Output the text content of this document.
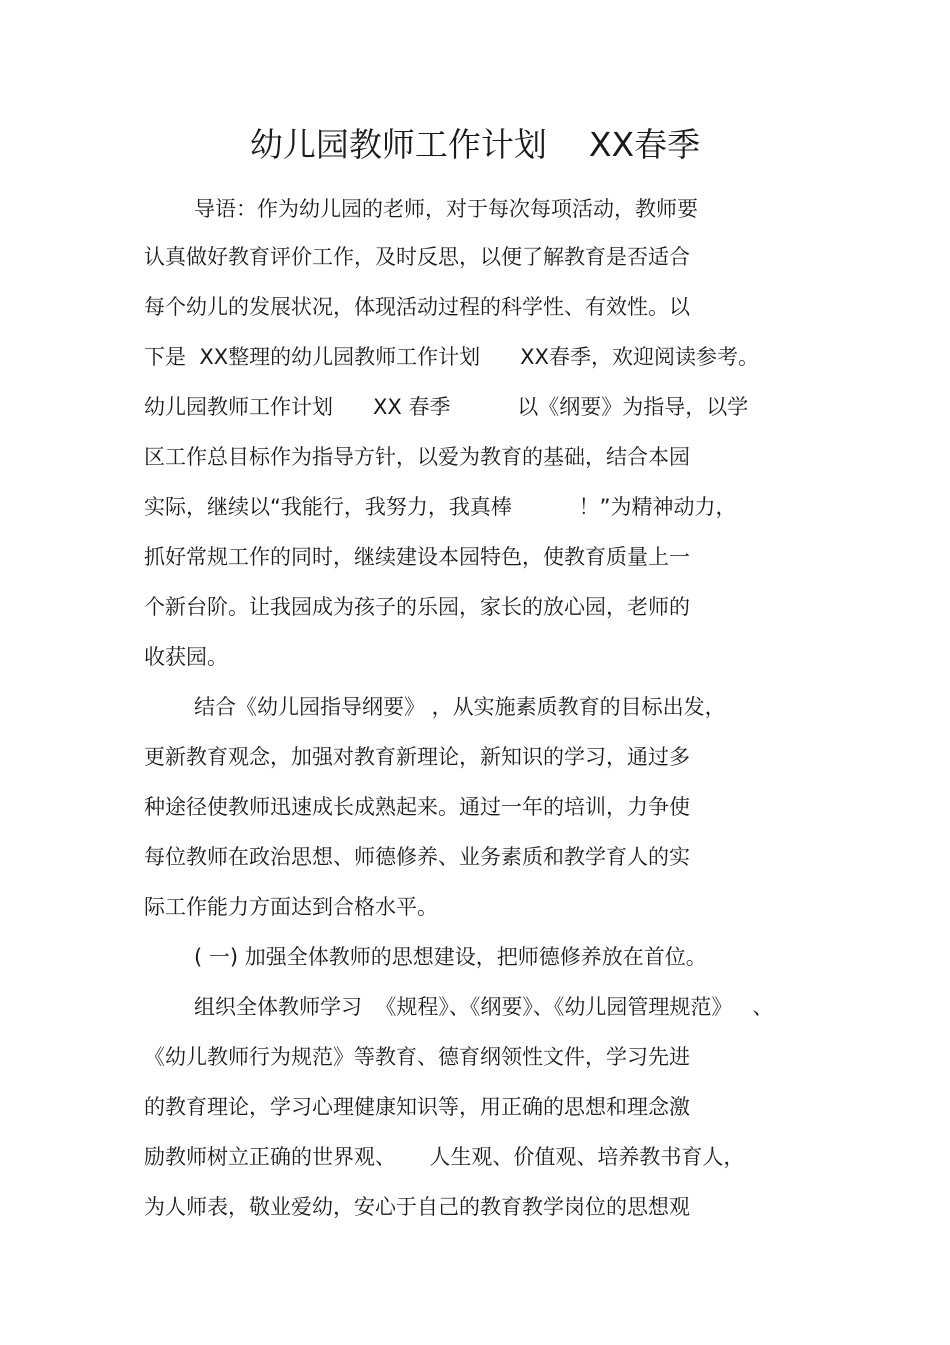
幼儿园教师工作计划    XX春季

导语：作为幼儿园的老师，对于每次每项活动，教师要

认真做好教育评价工作，及时反思，以便了解教育是否适合

每个幼儿的发展状况，体现活动过程的科学性、有效性。以

下是  XX整理的幼儿园教师工作计划      XX春季，欢迎阅读参考。

幼儿园教师工作计划      XX 春季          以《纲要》为指导，以学

区工作总目标作为指导方针，以爱为教育的基础，结合本园

实际，继续以“我能行，我努力，我真棒          ！”为精神动力，

抓好常规工作的同时，继续建设本园特色，使教育质量上一

个新台阶。让我园成为孩子的乐园，家长的放心园，老师的

收获园。

结合《幼儿园指导纲要》 ，从实施素质教育的目标出发，

更新教育观念，加强对教育新理论，新知识的学习，通过多

种途径使教师迅速成长成熟起来。通过一年的培训，力争使

每位教师在政治思想、师德修养、业务素质和教学育人的实

际工作能力方面达到合格水平。

( 一) 加强全体教师的思想建设，把师德修养放在首位。

组织全体教师学习  《规程》、《纲要》、《幼儿园管理规范》   、

《幼儿教师行为规范》等教育、德育纲领性文件，学习先进

的教育理论，学习心理健康知识等，用正确的思想和理念激

励教师树立正确的世界观、     人生观、价值观、培养教书育人，

为人师表，敬业爱幼，安心于自己的教育教学岗位的思想观
